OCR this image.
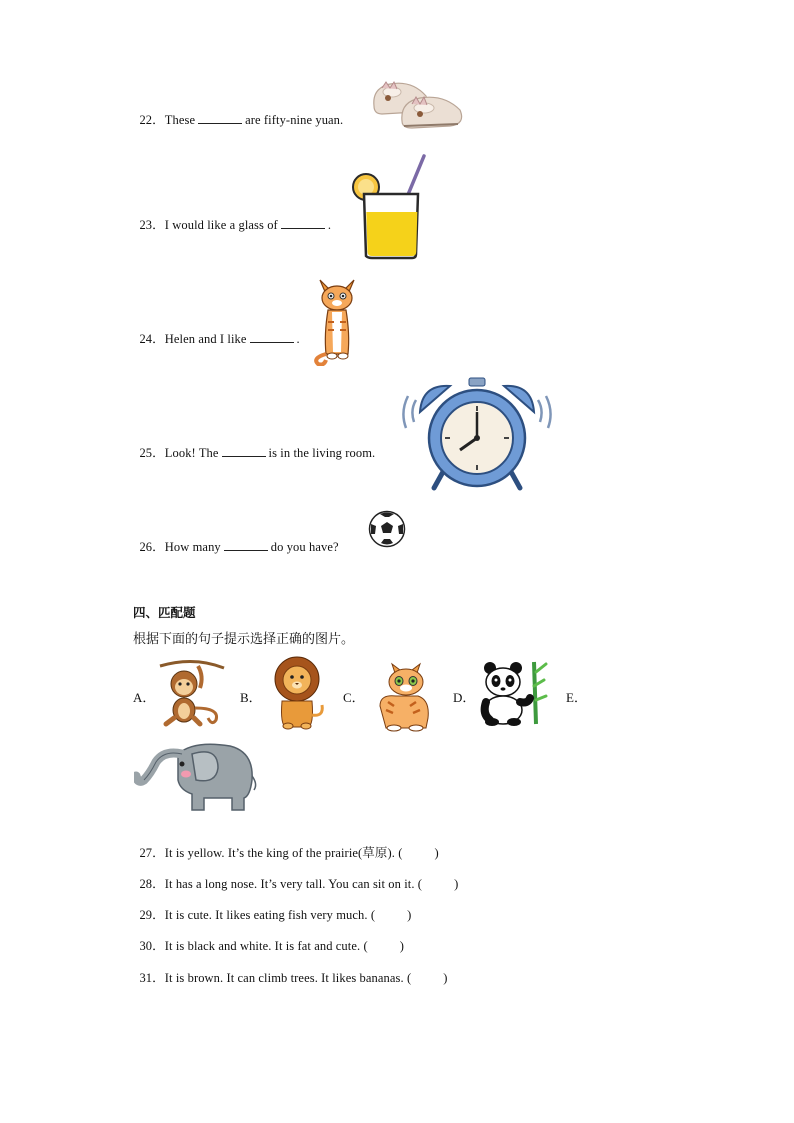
22．These	are fifty-nine yuan.

23．I would like a glass of	.

24．Helen and I like	.

25．Look! The	is in the living room.

26．How many	do you have?

四、匹配题
根据下面的句子提示选择正确的图片。
A．	B．	C．	D．	E．

27．It is yellow. It’s the king of the prairie(草原). (	)

28．It has a long nose. It’s very tall. You can sit on it. (	)

29．It is cute. It likes eating fish very much. (	)

30．It is black and white. It is fat and cute. (	)

31．It is brown. It can climb trees. It likes bananas. (	)
